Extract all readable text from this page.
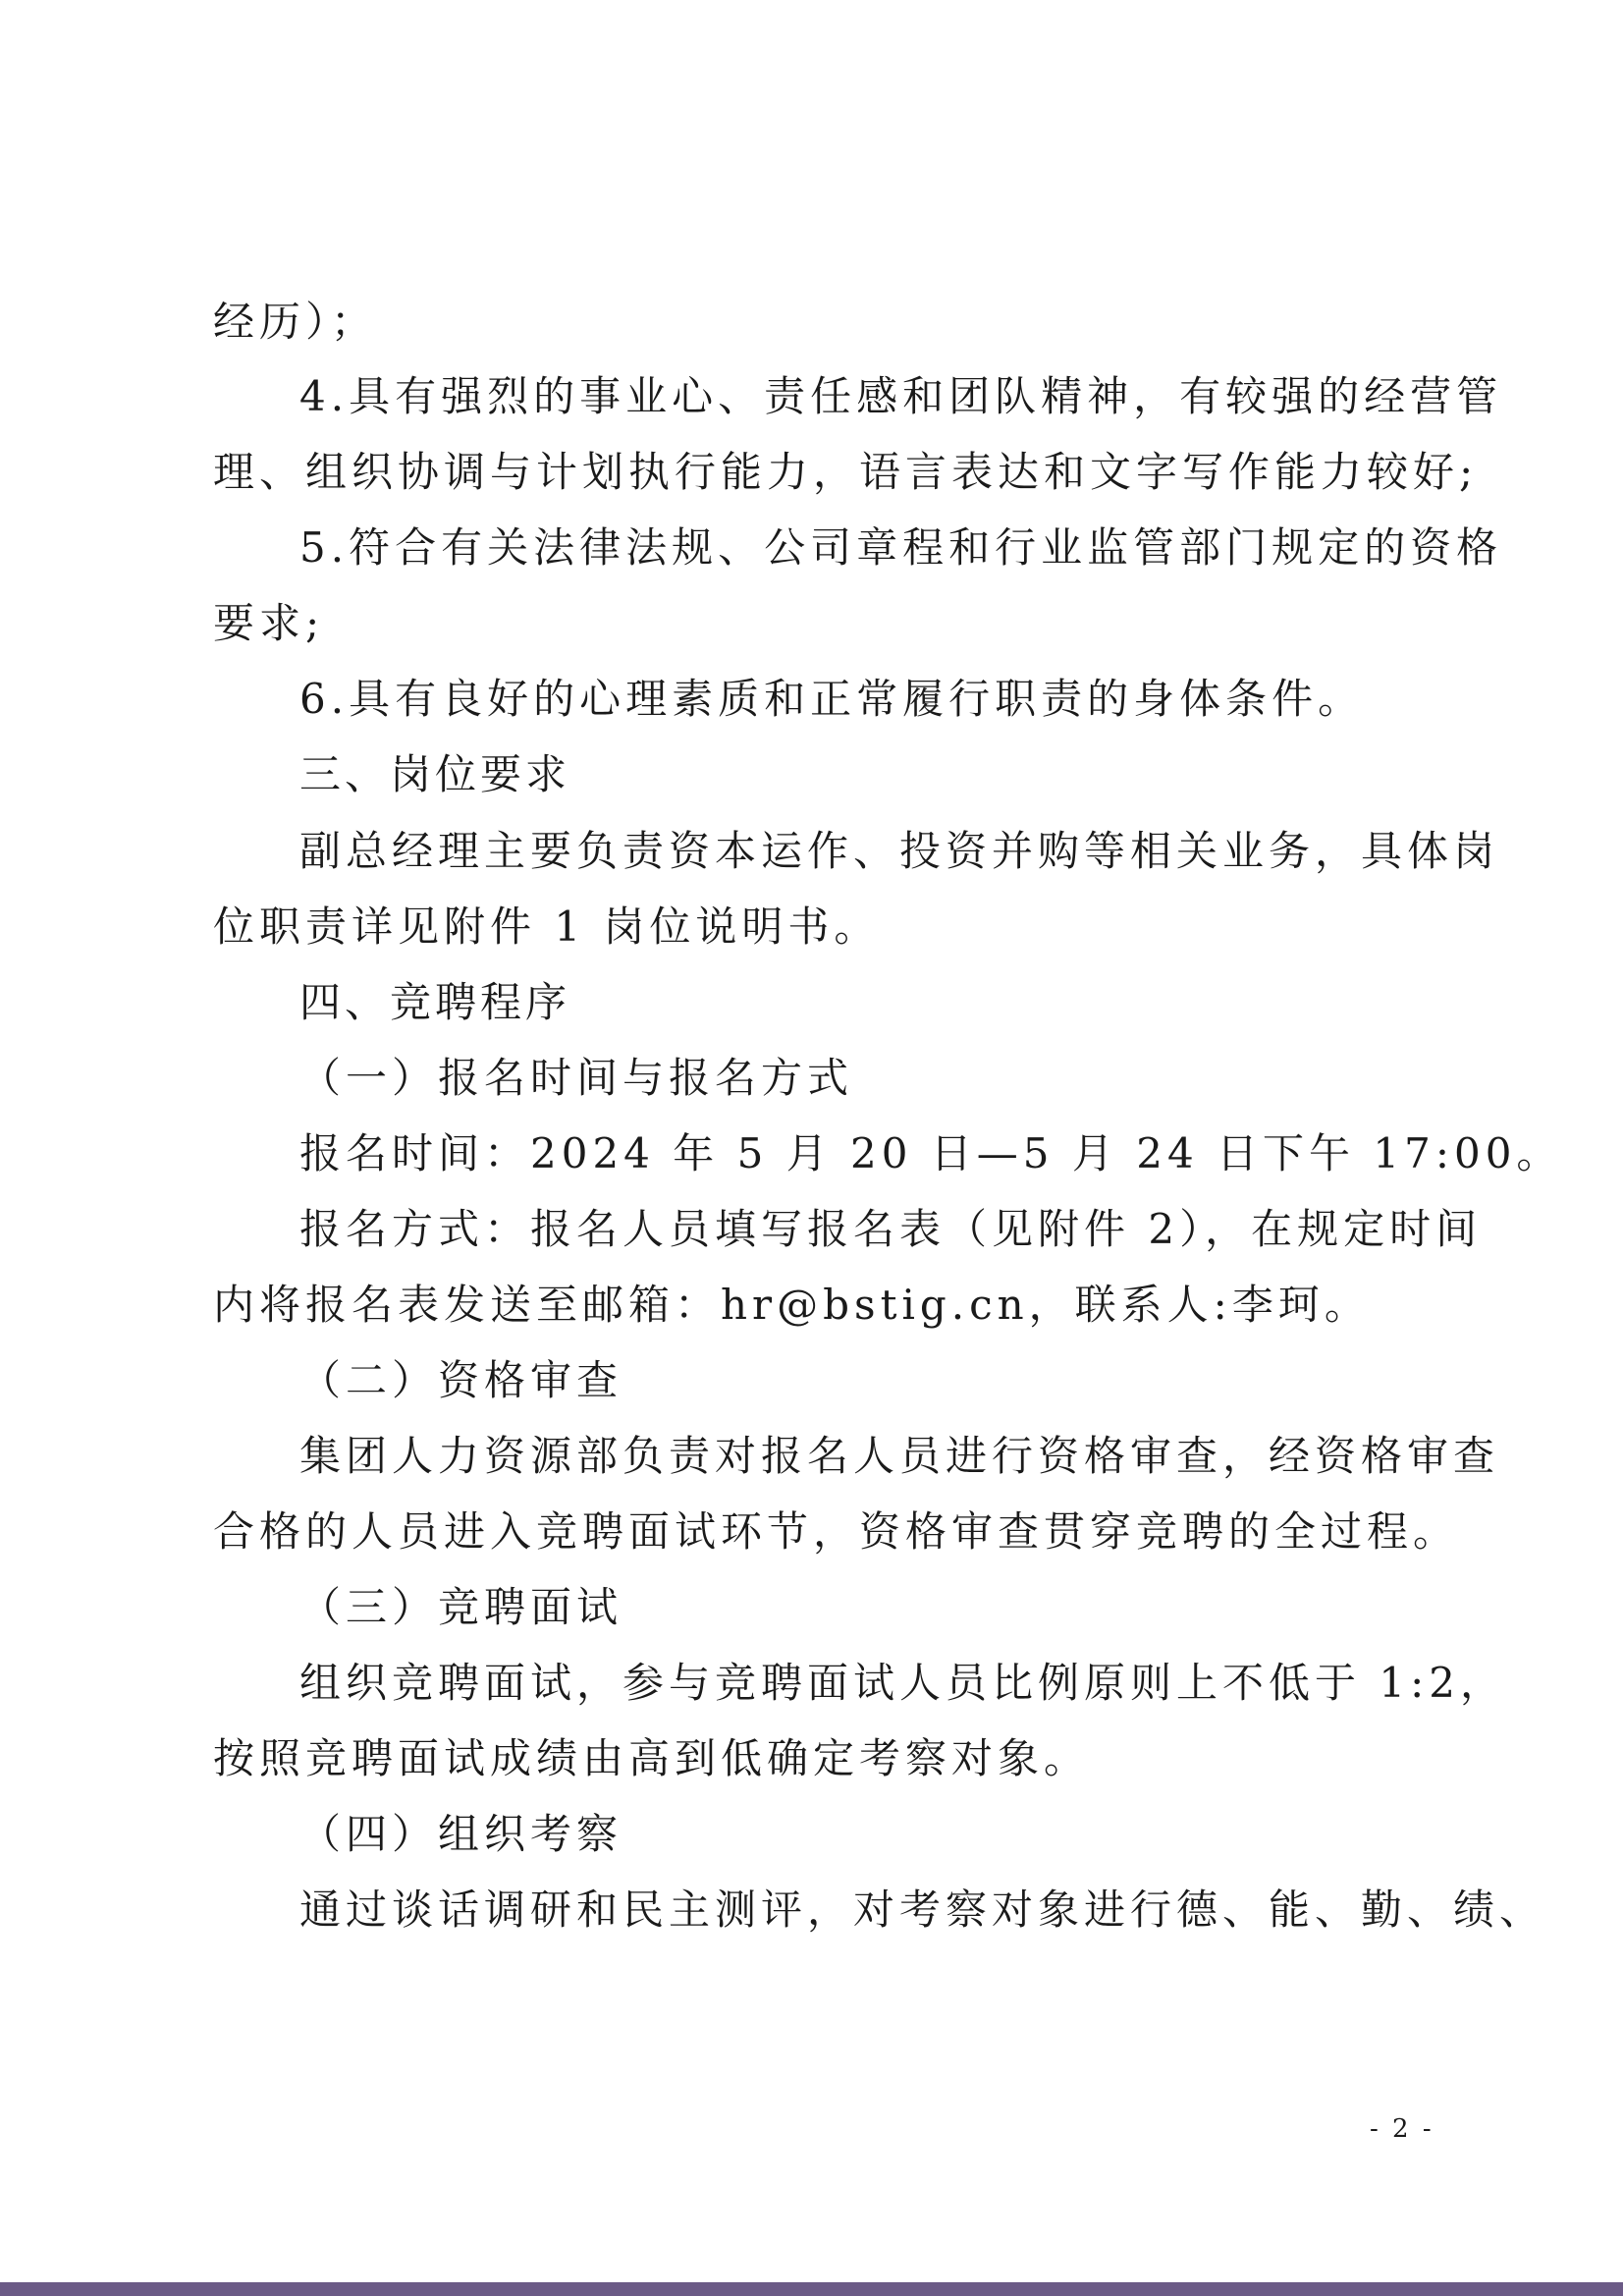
经历）；
4.具有强烈的事业心、责任感和团队精神，有较强的经营管
理、组织协调与计划执行能力，语言表达和文字写作能力较好;
5.符合有关法律法规、公司章程和行业监管部门规定的资格
要求;
6.具有良好的心理素质和正常履行职责的身体条件。
三、岗位要求
副总经理主要负责资本运作、投资并购等相关业务，具体岗
位职责详见附件 1 岗位说明书。
四、竞聘程序
（一）报名时间与报名方式
报名时间：2024 年 5 月 20 日—5 月 24 日下午 17:00。
报名方式：报名人员填写报名表（见附件 2），在规定时间
内将报名表发送至邮箱：hr@bstig.cn，联系人:李珂。
（二）资格审查
集团人力资源部负责对报名人员进行资格审查，经资格审查
合格的人员进入竞聘面试环节，资格审查贯穿竞聘的全过程。
（三）竞聘面试
组织竞聘面试，参与竞聘面试人员比例原则上不低于 1:2，
按照竞聘面试成绩由高到低确定考察对象。
（四）组织考察
通过谈话调研和民主测评，对考察对象进行德、能、勤、绩、
- 2 -
